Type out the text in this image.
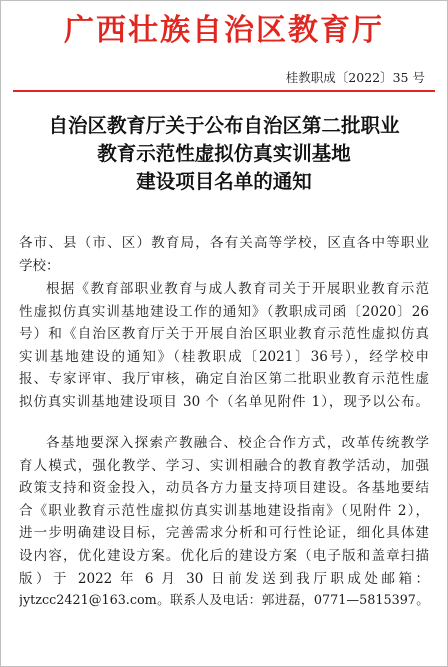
广西壮族自治区教育厅
桂教职成〔2022〕35 号
自治区教育厅关于公布自治区第二批职业
教育示范性虚拟仿真实训基地
建设项目名单的通知
各市、县（市、区）教育局，各有关高等学校，区直各中等职业
学校：
根据《教育部职业教育与成人教育司关于开展职业教育示范
性虚拟仿真实训基地建设工作的通知》（教职成司函〔2020〕26
号）和《自治区教育厅关于开展自治区职业教育示范性虚拟仿真
实训基地建设的通知》（桂教职成〔2021〕36号），经学校申
报、专家评审、我厅审核，确定自治区第二批职业教育示范性虚
拟仿真实训基地建设项目 30 个（名单见附件 1），现予以公布。
各基地要深入探索产教融合、校企合作方式，改革传统教学
育人模式，强化教学、学习、实训相融合的教育教学活动，加强
政策支持和资金投入，动员各方力量支持项目建设。各基地要结
合《职业教育示范性虚拟仿真实训基地建设指南》（见附件 2），
进一步明确建设目标，完善需求分析和可行性论证，细化具体建
设内容，优化建设方案。优化后的建设方案（电子版和盖章扫描
版）于 2022 年 6 月 30 日前发送到我厅职成处邮箱：
jytzcc2421@163.com。联系人及电话：郭进磊，0771—5815397。
